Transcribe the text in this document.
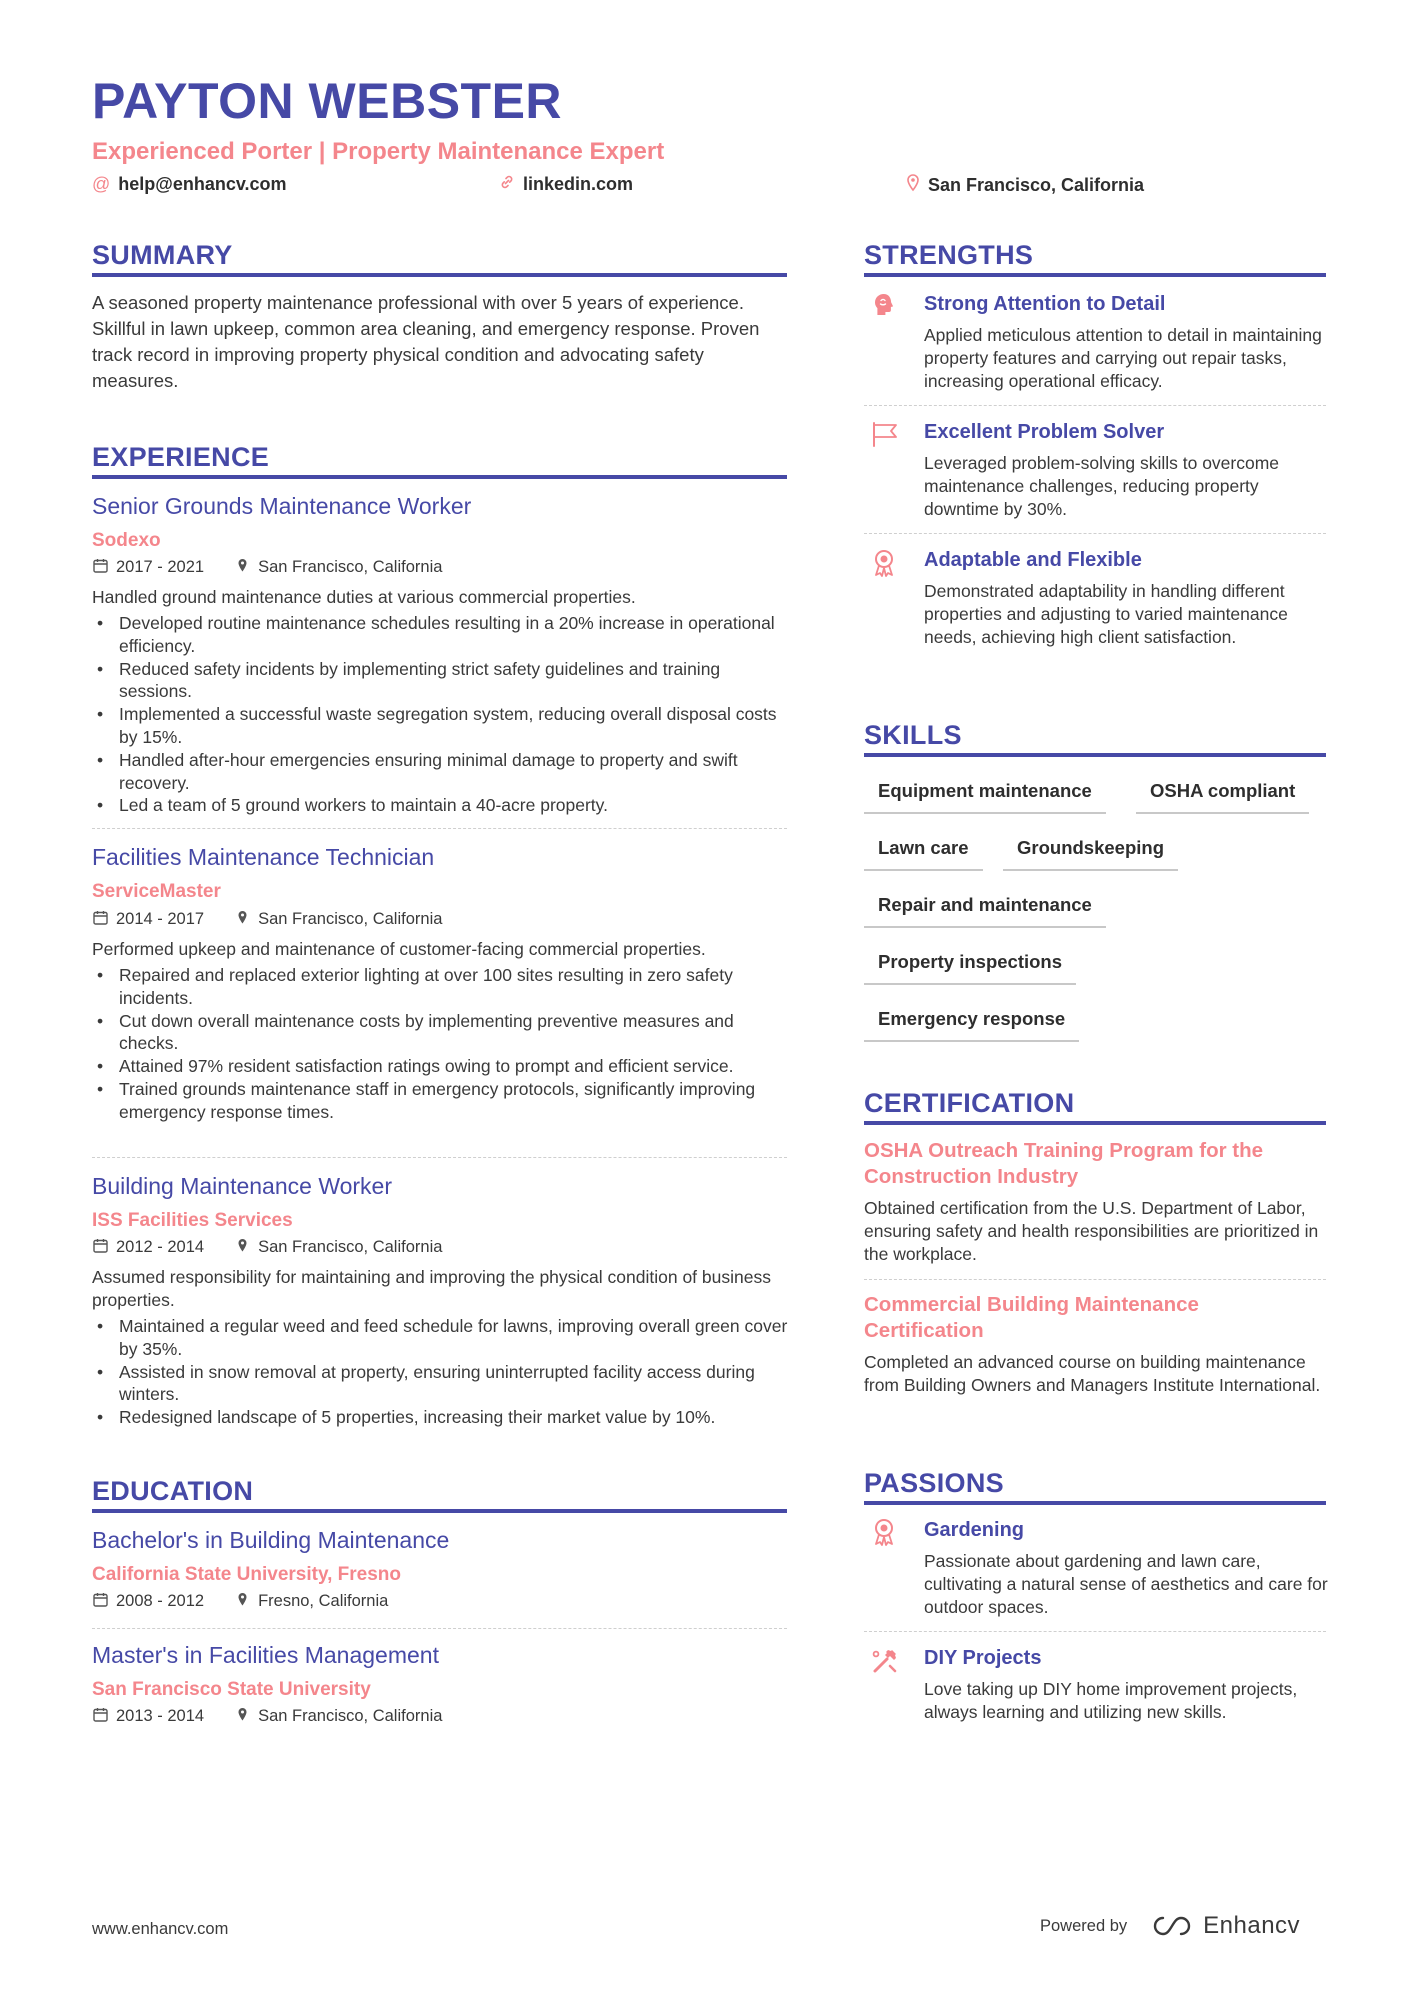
PAYTON WEBSTER
Experienced Porter | Property Maintenance Expert
@ help@enhancv.com	linkedin.com	San Francisco, California
SUMMARY
A seasoned property maintenance professional with over 5 years of experience. Skillful in lawn upkeep, common area cleaning, and emergency response. Proven track record in improving property physical condition and advocating safety measures.
EXPERIENCE
Senior Grounds Maintenance Worker
Sodexo
2017 - 2021	San Francisco, California
Handled ground maintenance duties at various commercial properties.
• Developed routine maintenance schedules resulting in a 20% increase in operational efficiency.
• Reduced safety incidents by implementing strict safety guidelines and training sessions.
• Implemented a successful waste segregation system, reducing overall disposal costs by 15%.
• Handled after-hour emergencies ensuring minimal damage to property and swift recovery.
• Led a team of 5 ground workers to maintain a 40-acre property.
Facilities Maintenance Technician
ServiceMaster
2014 - 2017	San Francisco, California
Performed upkeep and maintenance of customer-facing commercial properties.
• Repaired and replaced exterior lighting at over 100 sites resulting in zero safety incidents.
• Cut down overall maintenance costs by implementing preventive measures and checks.
• Attained 97% resident satisfaction ratings owing to prompt and efficient service.
• Trained grounds maintenance staff in emergency protocols, significantly improving emergency response times.
Building Maintenance Worker
ISS Facilities Services
2012 - 2014	San Francisco, California
Assumed responsibility for maintaining and improving the physical condition of business properties.
• Maintained a regular weed and feed schedule for lawns, improving overall green cover by 35%.
• Assisted in snow removal at property, ensuring uninterrupted facility access during winters.
• Redesigned landscape of 5 properties, increasing their market value by 10%.
EDUCATION
Bachelor's in Building Maintenance
California State University, Fresno
2008 - 2012	Fresno, California
Master's in Facilities Management
San Francisco State University
2013 - 2014	San Francisco, California
STRENGTHS
Strong Attention to Detail
Applied meticulous attention to detail in maintaining property features and carrying out repair tasks, increasing operational efficacy.
Excellent Problem Solver
Leveraged problem-solving skills to overcome maintenance challenges, reducing property downtime by 30%.
Adaptable and Flexible
Demonstrated adaptability in handling different properties and adjusting to varied maintenance needs, achieving high client satisfaction.
SKILLS
Equipment maintenance	OSHA compliant
Lawn care	Groundskeeping
Repair and maintenance
Property inspections
Emergency response
CERTIFICATION
OSHA Outreach Training Program for the Construction Industry
Obtained certification from the U.S. Department of Labor, ensuring safety and health responsibilities are prioritized in the workplace.
Commercial Building Maintenance Certification
Completed an advanced course on building maintenance from Building Owners and Managers Institute International.
PASSIONS
Gardening
Passionate about gardening and lawn care, cultivating a natural sense of aesthetics and care for outdoor spaces.
DIY Projects
Love taking up DIY home improvement projects, always learning and utilizing new skills.
www.enhancv.com	Powered by	Enhancv
